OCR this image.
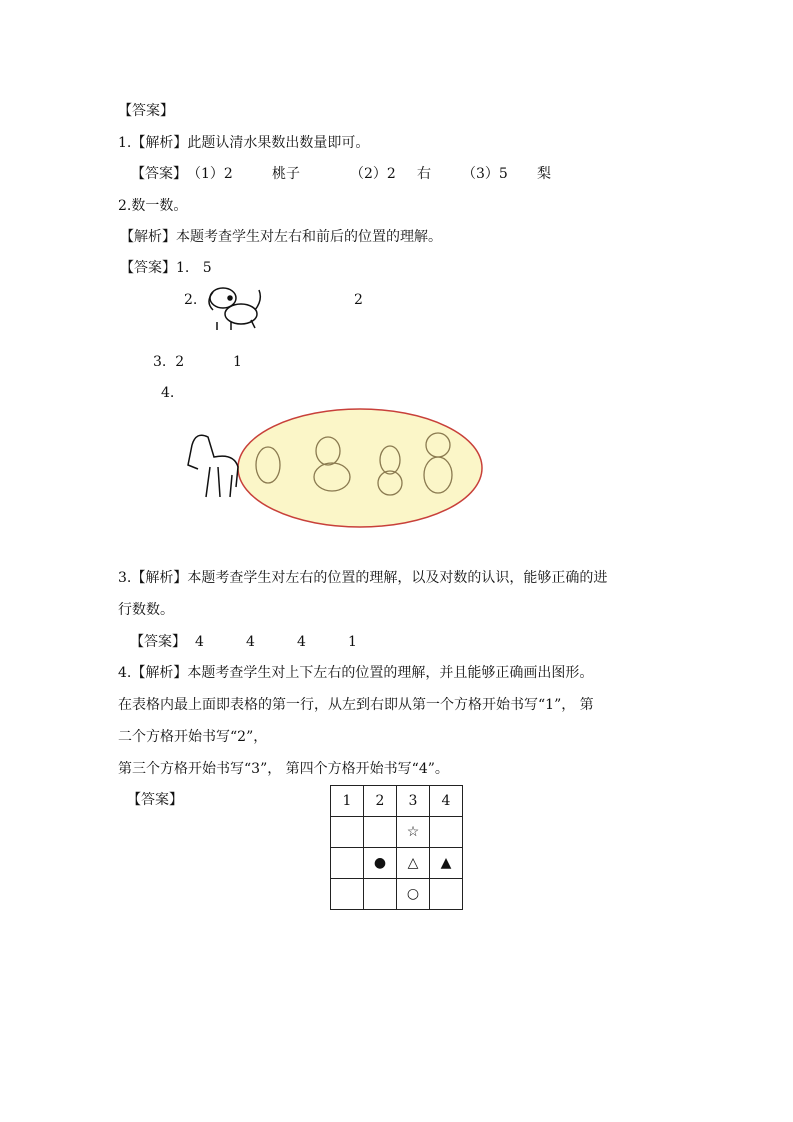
【答案】
1.【解析】此题认清水果数出数量即可。
【答案】 （1）2	桃子	（2）2 右 （3）5 梨
2.数一数。
【解析】本题考查学生对左右和前后的位置的理解。
【答案】1.   5
2.	2
3.  2	1
4.
3.【解析】本题考查学生对左右的位置的理解，以及对数的认识，能够正确的进
行数数。
【答案】 4	4	4	1
4.【解析】本题考查学生对上下左右的位置的理解，并且能够正确画出图形。
在表格内最上面即表格的第一行，从左到右即从第一个方格开始书写“1”， 第
二个方格开始书写“2”，
第三个方格开始书写“3”， 第四个方格开始书写“4”。
【答案】	1	2	3	4
		☆	
	●	△	▲
		○	
